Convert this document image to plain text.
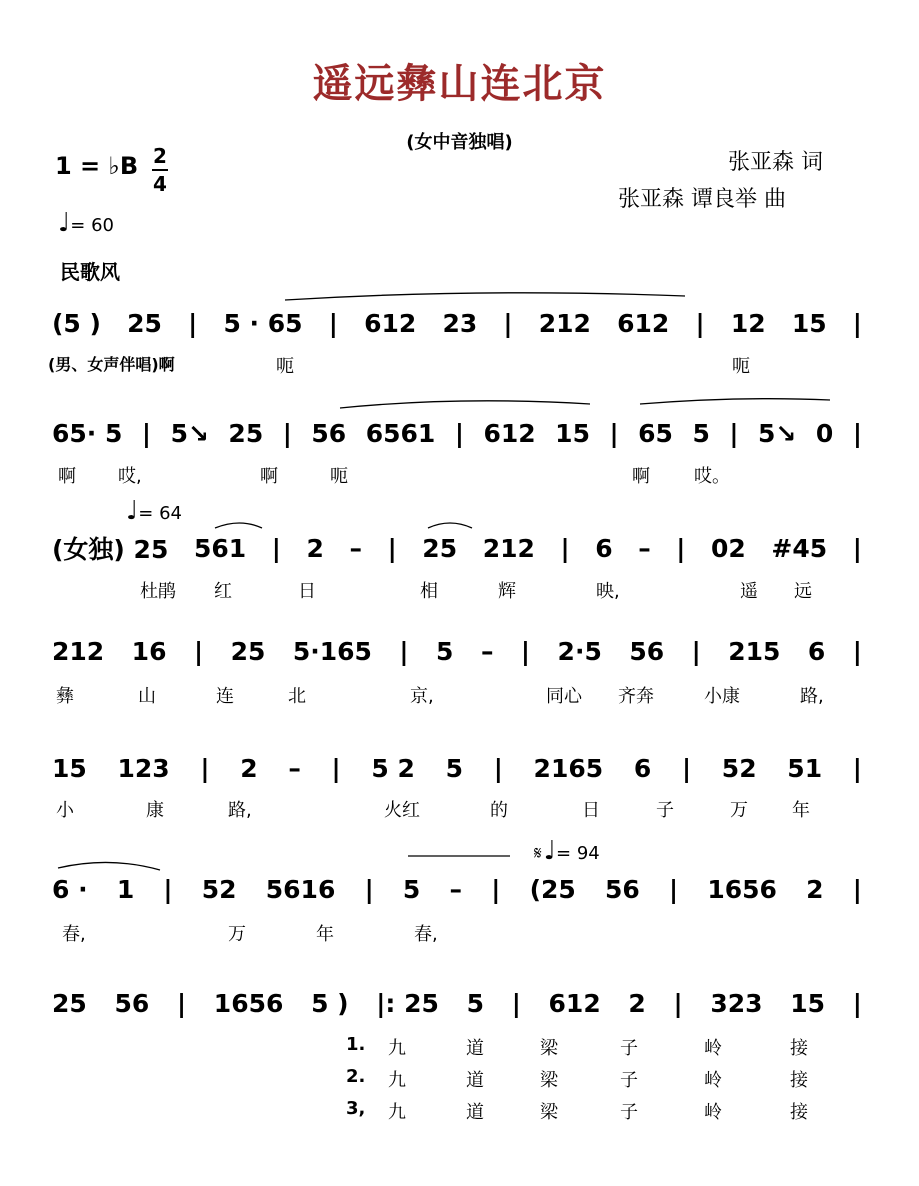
遥远彝山连北京
(女中音独唱)
张亚森 词
张亚森 谭良举 曲
1 = ♭B 2
4
♩= 60
民歌风
(5 ) 25 | 5 · 65 | 612 23 | 212 612 | 12 15 |
(男、女声伴唱)啊	呃	呃
65· 5 | 5↘ 25 | 56 6561 | 612 15 | 65 5 | 5↘ 0 |
啊 哎,	啊	呃	啊 哎。
♩= 64
(女独) 25 561 | 2 – | 25 212 | 6 – | 02 #45 |
杜鹃 红	日	相	辉	映,	遥 远
212 16 | 25 5·165 | 5 – | 2·5 56 | 215 6 |
彝	山	连	北	京,	同心 齐奔	小康	路,
15 123 | 2 – | 5 2 5 | 2165 6 | 52 51 |
小	康	路,	火红	的	日	子	万 年
𝄋♩= 94
6 · 1 | 52 5616 | 5 – | (25 56 | 1656 2 |
春,	万	年	春,
25 56 | 1656 5 ) |: 25 5 | 612 2 | 323 15 |
1. 九	道	梁	子	岭	接
2. 九	道	梁	子	岭	接
3, 九	道	梁	子	岭	接
